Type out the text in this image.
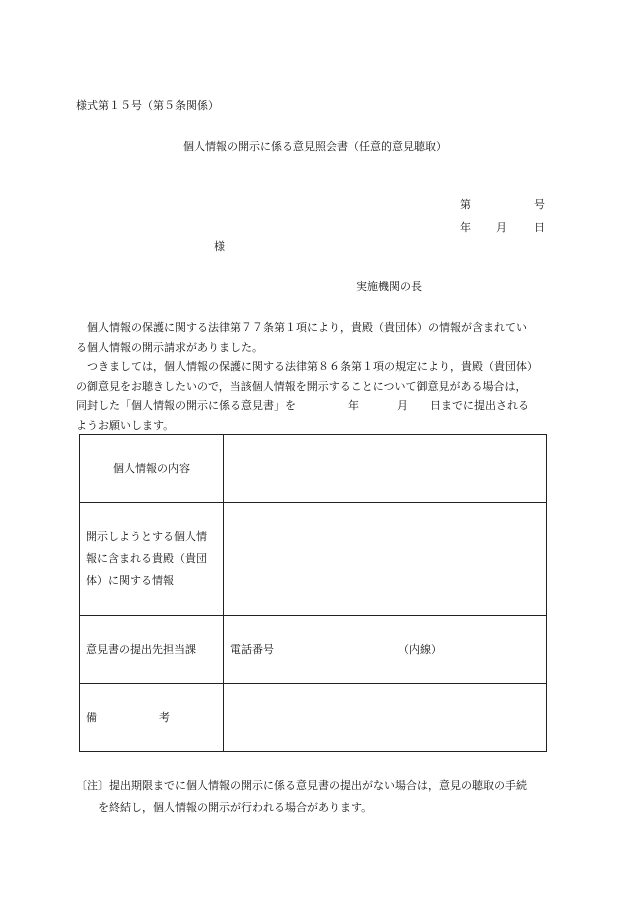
様式第１５号（第５条関係）
個人情報の開示に係る意見照会書（任意的意見聴取）
第	号
年 月 日
様
実施機関の長
個人情報の保護に関する法律第７７条第１項により，貴殿（貴団体）の情報が含まれてい
る個人情報の開示請求がありました。
つきましては，個人情報の保護に関する法律第８６条第１項の規定により，貴殿（貴団体）
の御意見をお聴きしたいので，当該個人情報を開示することについて御意見がある場合は，
同封した「個人情報の開示に係る意見書」を	年	月 日までに提出される
ようお願いします。
個人情報の内容	

開示しようとする個人情
報に含まれる貴殿（貴団
体）に関する情報	

意見書の提出先担当課	電話番号 （内線）

備 考	

〔注〕提出期限までに個人情報の開示に係る意見書の提出がない場合は，意見の聴取の手続
を終結し，個人情報の開示が行われる場合があります。
